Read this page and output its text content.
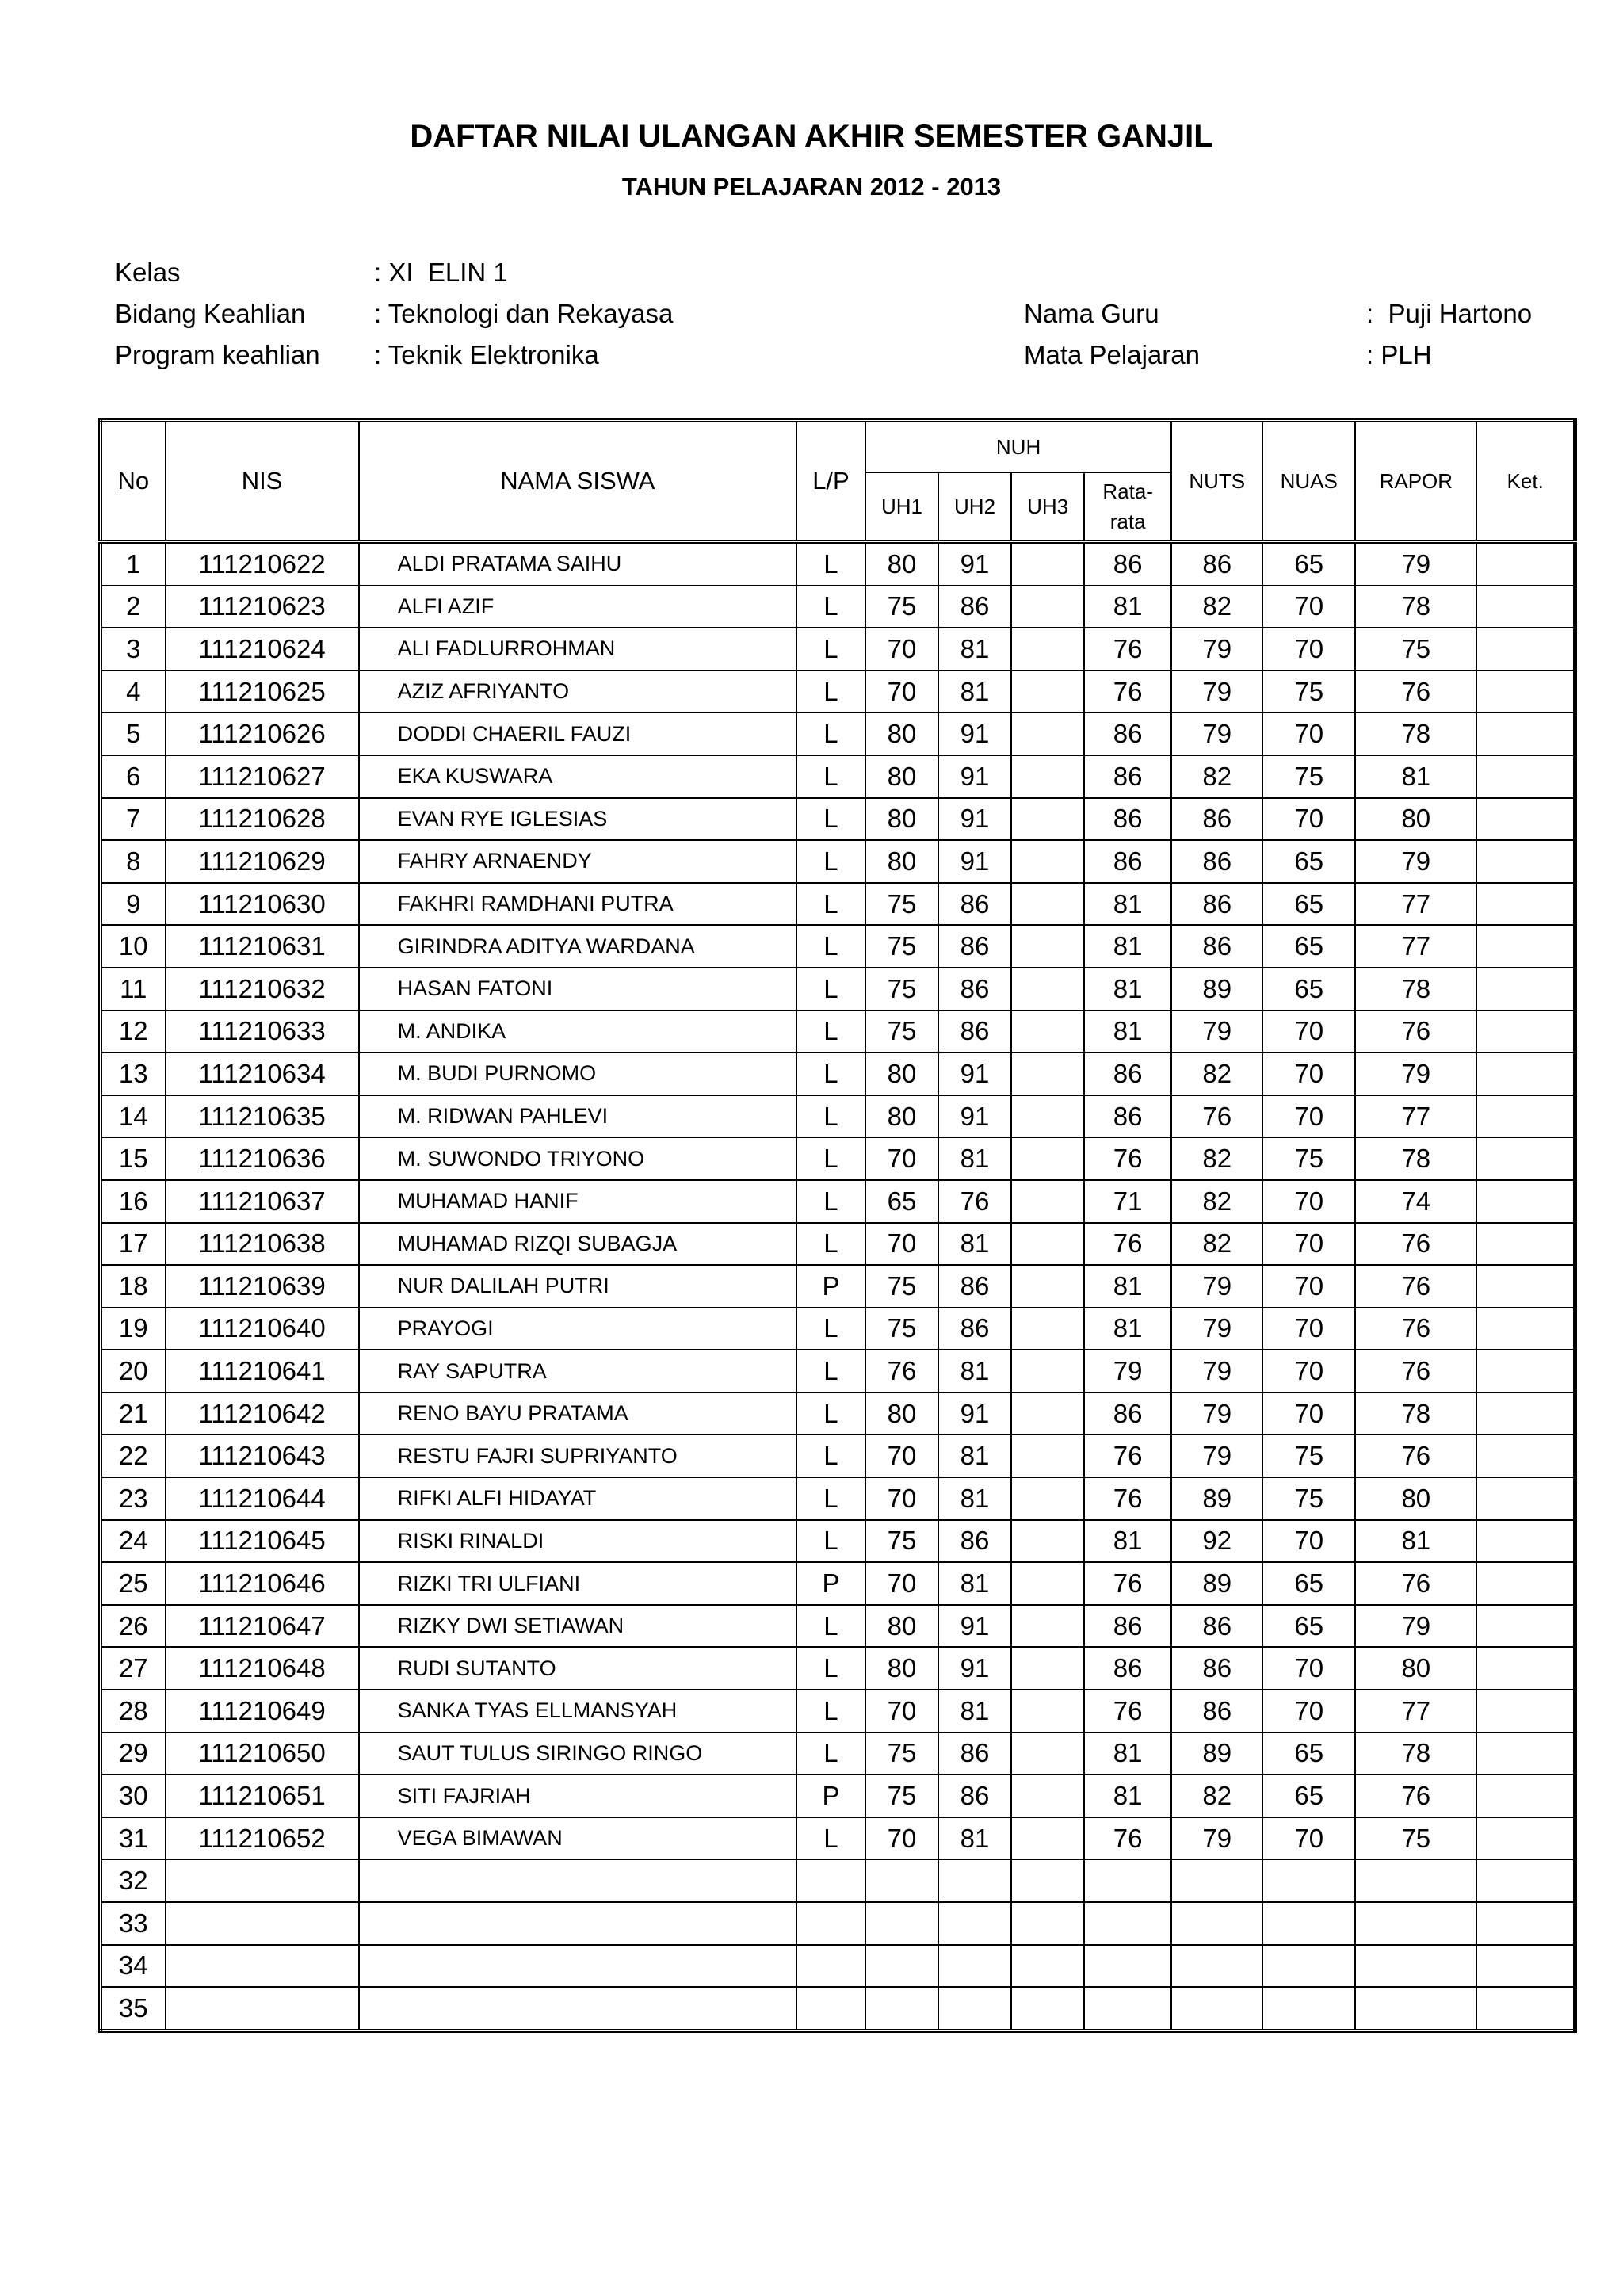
DAFTAR NILAI ULANGAN AKHIR SEMESTER GANJIL
TAHUN PELAJARAN 2012 - 2013
Kelas	: XI  ELIN 1
Bidang Keahlian	: Teknologi dan Rekayasa
Program keahlian : Teknik Elektronika
Nama Guru	:  Puji Hartono
Mata Pelajaran	: PLH
No	NIS	NAMA SISWA	L/P	NUH				NUTS	NUAS	RAPOR	Ket.
				UH1	UH2	UH3	Rata-
rata				
1	111210622	ALDI PRATAMA SAIHU	L	80	91		86	86	65	79	
2	111210623	ALFI AZIF	L	75	86		81	82	70	78	
3	111210624	ALI FADLURROHMAN	L	70	81		76	79	70	75	
4	111210625	AZIZ AFRIYANTO	L	70	81		76	79	75	76	
5	111210626	DODDI CHAERIL FAUZI	L	80	91		86	79	70	78	
6	111210627	EKA KUSWARA	L	80	91		86	82	75	81	
7	111210628	EVAN RYE IGLESIAS	L	80	91		86	86	70	80	
8	111210629	FAHRY ARNAENDY	L	80	91		86	86	65	79	
9	111210630	FAKHRI RAMDHANI PUTRA	L	75	86		81	86	65	77	
10	111210631	GIRINDRA ADITYA WARDANA	L	75	86		81	86	65	77	
11	111210632	HASAN FATONI	L	75	86		81	89	65	78	
12	111210633	M. ANDIKA	L	75	86		81	79	70	76	
13	111210634	M. BUDI PURNOMO	L	80	91		86	82	70	79	
14	111210635	M. RIDWAN PAHLEVI	L	80	91		86	76	70	77	
15	111210636	M. SUWONDO TRIYONO	L	70	81		76	82	75	78	
16	111210637	MUHAMAD HANIF	L	65	76		71	82	70	74	
17	111210638	MUHAMAD RIZQI SUBAGJA	L	70	81		76	82	70	76	
18	111210639	NUR DALILAH PUTRI	P	75	86		81	79	70	76	
19	111210640	PRAYOGI	L	75	86		81	79	70	76	
20	111210641	RAY SAPUTRA	L	76	81		79	79	70	76	
21	111210642	RENO BAYU PRATAMA	L	80	91		86	79	70	78	
22	111210643	RESTU FAJRI SUPRIYANTO	L	70	81		76	79	75	76	
23	111210644	RIFKI ALFI HIDAYAT	L	70	81		76	89	75	80	
24	111210645	RISKI RINALDI	L	75	86		81	92	70	81	
25	111210646	RIZKI TRI ULFIANI	P	70	81		76	89	65	76	
26	111210647	RIZKY DWI SETIAWAN	L	80	91		86	86	65	79	
27	111210648	RUDI SUTANTO	L	80	91		86	86	70	80	
28	111210649	SANKA TYAS ELLMANSYAH	L	70	81		76	86	70	77	
29	111210650	SAUT TULUS SIRINGO RINGO	L	75	86		81	89	65	78	
30	111210651	SITI FAJRIAH	P	75	86		81	82	65	76	
31	111210652	VEGA BIMAWAN	L	70	81		76	79	70	75	
32											
33											
34											
35											
